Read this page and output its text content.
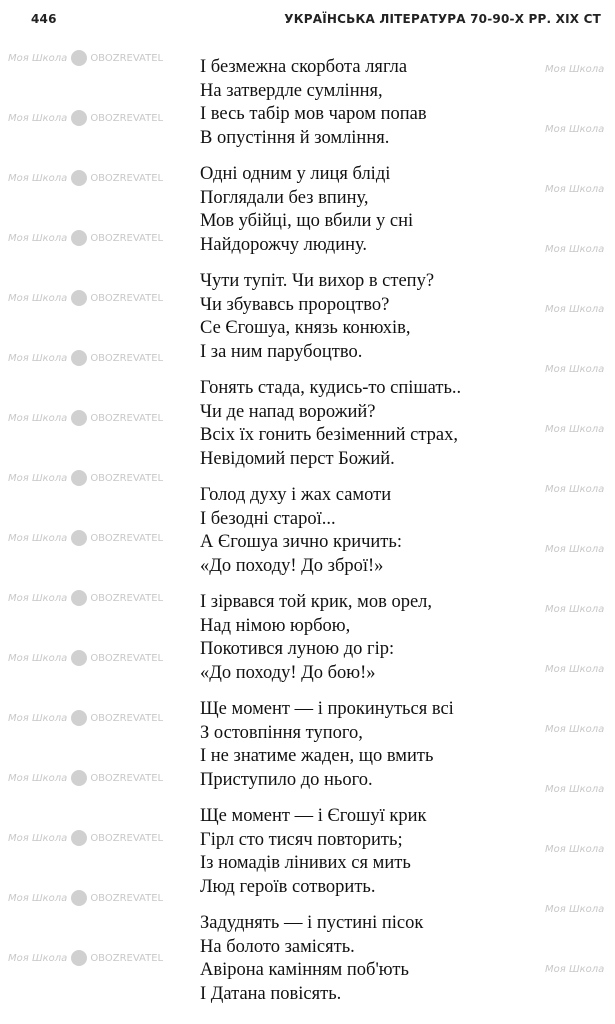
Моя Школа OBOZREVATEL
Моя Школа
Моя Школа OBOZREVATEL
Моя Школа
Моя Школа OBOZREVATEL
Моя Школа
Моя Школа OBOZREVATEL
Моя Школа
Моя Школа OBOZREVATEL
Моя Школа
Моя Школа OBOZREVATEL
Моя Школа
Моя Школа OBOZREVATEL
Моя Школа
Моя Школа OBOZREVATEL
Моя Школа
Моя Школа OBOZREVATEL
Моя Школа
Моя Школа OBOZREVATEL
Моя Школа
Моя Школа OBOZREVATEL
Моя Школа
Моя Школа OBOZREVATEL
Моя Школа
Моя Школа OBOZREVATEL
Моя Школа
Моя Школа OBOZREVATEL
Моя Школа
Моя Школа OBOZREVATEL
Моя Школа
Моя Школа OBOZREVATEL
Моя Школа
446	УКРАЇНСЬКА ЛІТЕРАТУРА 70-90-Х РР. XIX СТ
І безмежна скорбота лягла
На затвердле сумління,
І весь табір мов чаром попав
В опустіння й зомління.
Одні одним у лиця бліді
Поглядали без впину,
Мов убійці, що вбили у сні
Найдорожчу людину.
Чути тупіт. Чи вихор в степу?
Чи збувавсь пророцтво?
Се Єгошуа, князь конюхів,
І за ним парубоцтво.
Гонять стада, кудись-то спішать..
Чи де напад ворожий?
Всіх їх гонить безіменний страх,
Невідомий перст Божий.
Голод духу і жах самоти
І безодні старої...
А Єгошуа зично кричить:
«До походу! До зброї!»
І зірвався той крик, мов орел,
Над німою юрбою,
Покотився луною до гір:
«До походу! До бою!»
Ще момент — і прокинуться всі
З остовпіння тупого,
І не знатиме жаден, що вмить
Приступило до нього.
Ще момент — і Єгошуї крик
Гірл сто тисяч повторить;
Із номадів лінивих ся мить
Люд героїв сотворить.
Задуднять — і пустині пісок
На болото замісять.
Авірона камінням поб'ють
І Датана повісять.
